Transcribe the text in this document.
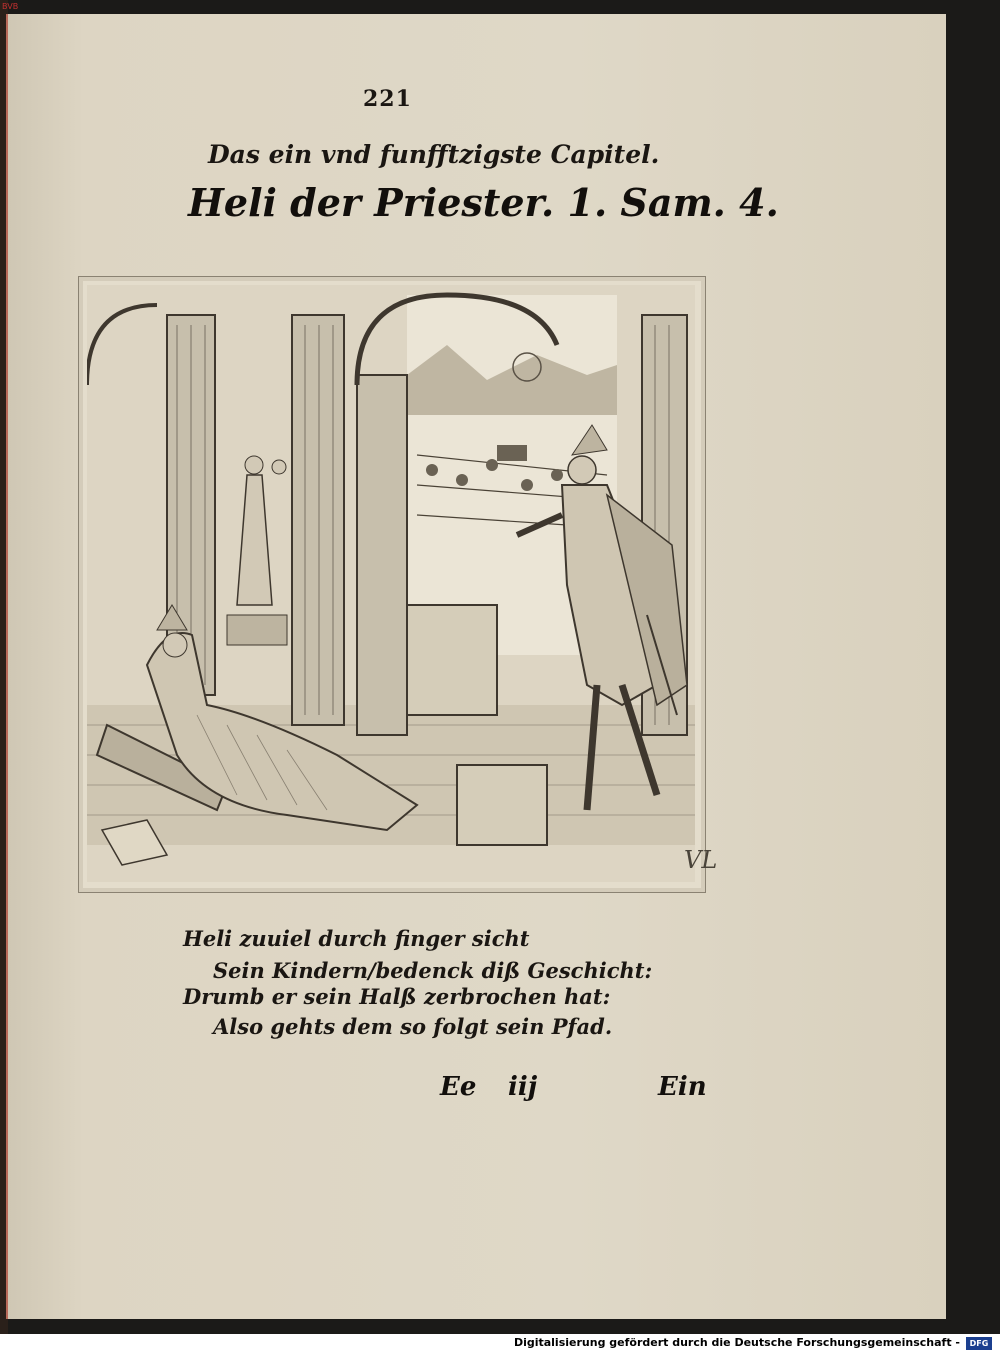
BVB
221
Das ein vnd funfftzigste Capitel.
Heli der Priester. 1. Sam. 4.
VL
Heli zuuiel durch finger sicht
Sein Kindern/bedenck diß Geschicht:
Drumb er sein Halß zerbrochen hat:
Also gehts dem so folgt sein Pfad.
Ee iij	Ein
Digitalisierung gefördert durch die Deutsche Forschungsgemeinschaft -	DFG
